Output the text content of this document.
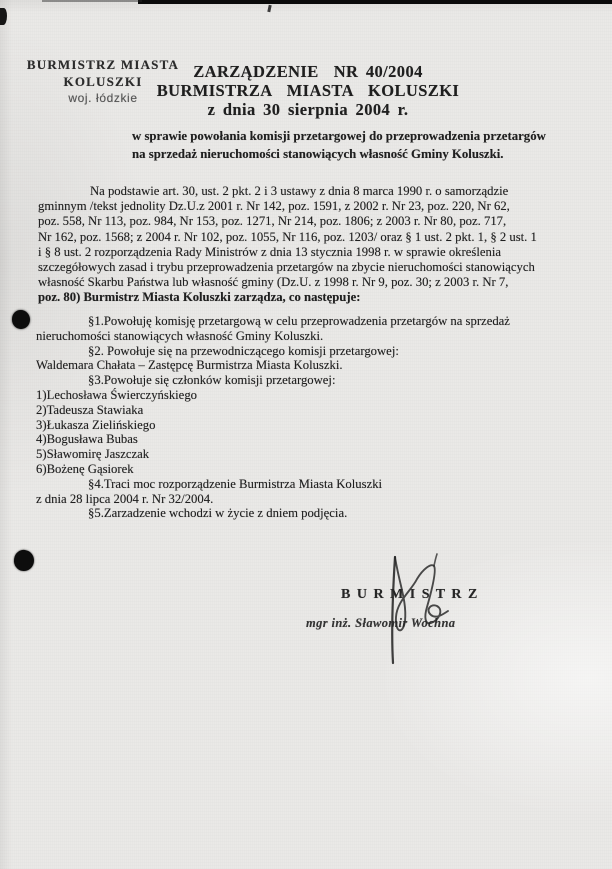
BURMISTRZ MIASTA
KOLUSZKI
woj. łódzkie
ZARZĄDZENIE  NR 40/2004
BURMISTRZA  MIASTA  KOLUSZKI
z dnia 30 sierpnia 2004 r.
w sprawie powołania komisji przetargowej do przeprowadzenia przetargów
na sprzedaż nieruchomości stanowiących własność Gminy Koluszki.
Na podstawie art. 30, ust. 2 pkt. 2 i 3 ustawy z dnia 8 marca 1990 r. o samorządzie
gminnym /tekst jednolity Dz.U.z 2001 r. Nr 142, poz. 1591, z 2002 r. Nr 23, poz. 220, Nr 62,
poz. 558, Nr 113, poz. 984, Nr 153, poz. 1271, Nr 214, poz. 1806; z 2003 r. Nr 80, poz. 717,
Nr 162, poz. 1568; z 2004 r. Nr 102, poz. 1055, Nr 116, poz. 1203/ oraz § 1 ust. 2 pkt. 1, § 2 ust. 1
i § 8 ust. 2 rozporządzenia Rady Ministrów z dnia 13 stycznia 1998 r. w sprawie określenia
szczegółowych zasad i trybu przeprowadzenia przetargów na zbycie nieruchomości stanowiących
własność Skarbu Państwa lub własność gminy (Dz.U. z 1998 r. Nr 9, poz. 30; z 2003 r. Nr 7,
poz. 80) Burmistrz Miasta Koluszki zarządza, co następuje:
§1.Powołuję komisję przetargową w celu przeprowadzenia przetargów na sprzedaż
nieruchomości stanowiących własność Gminy Koluszki.
§2. Powołuje się na przewodniczącego komisji przetargowej:
Waldemara Chałata – Zastępcę Burmistrza Miasta Koluszki.
§3.Powołuje się członków komisji przetargowej:
1)Lechosława Świerczyńskiego
2)Tadeusza Stawiaka
3)Łukasza Zielińskiego
4)Bogusława Bubas
5)Sławomirę Jaszczak
6)Bożenę Gąsiorek
§4.Traci moc rozporządzenie Burmistrza Miasta Koluszki
z dnia 28 lipca 2004 r. Nr 32/2004.
§5.Zarzadzenie wchodzi w życie z dniem podjęcia.
B U R M I S T R Z
mgr inż. Sławomir Wochna
